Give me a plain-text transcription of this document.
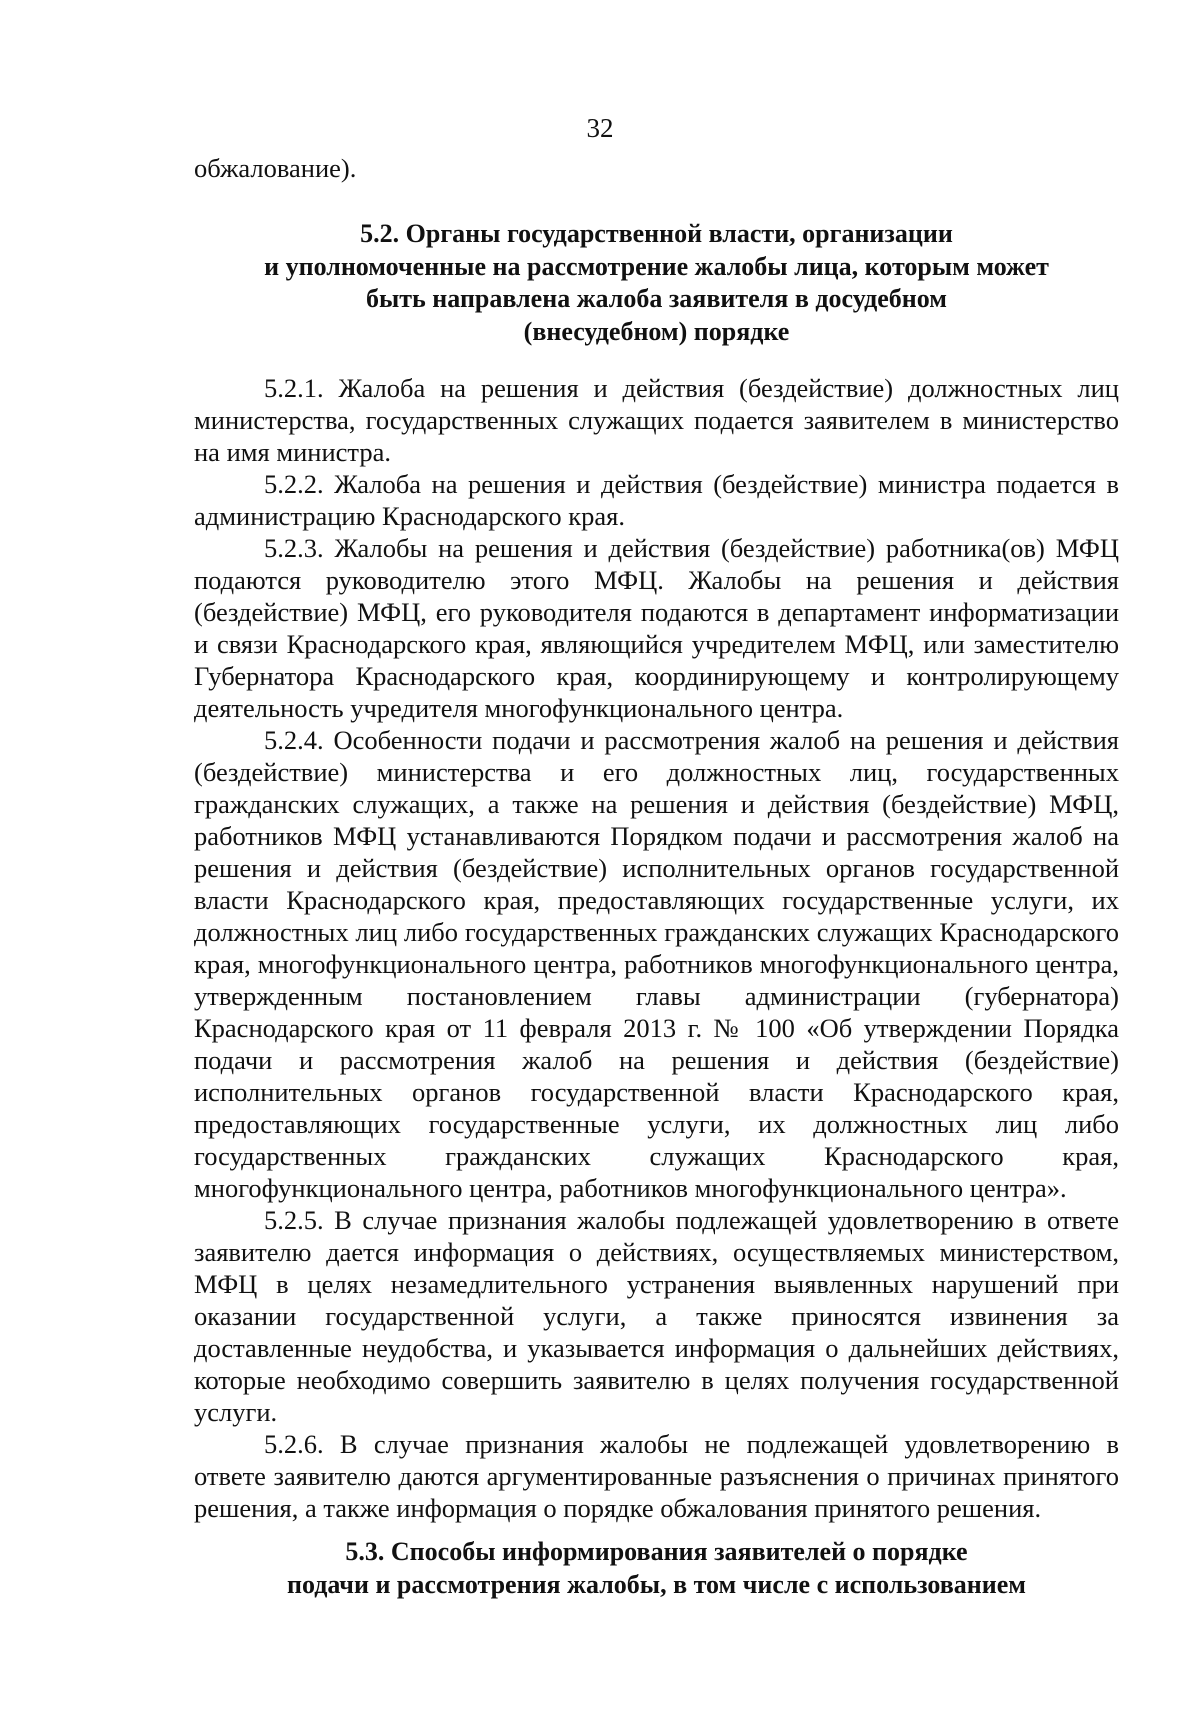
32
обжалование).
5.2. Органы государственной власти, организации
и уполномоченные на рассмотрение жалобы лица, которым может
быть направлена жалоба заявителя в досудебном
(внесудебном) порядке

5.2.1. Жалоба на решения и действия (бездействие) должностных лиц министерства, государственных служащих подается заявителем в министерство на имя министра.

5.2.2. Жалоба на решения и действия (бездействие) министра подается в администрацию Краснодарского края.

5.2.3. Жалобы на решения и действия (бездействие) работника(ов) МФЦ подаются руководителю этого МФЦ. Жалобы на решения и действия (бездействие) МФЦ, его руководителя подаются в департамент информатизации и связи Краснодарского края, являющийся учредителем МФЦ, или заместителю Губернатора Краснодарского края, координирующему и контролирующему деятельность учредителя многофункционального центра.

5.2.4. Особенности подачи и рассмотрения жалоб на решения и действия (бездействие) министерства и его должностных лиц, государственных гражданских служащих, а также на решения и действия (бездействие) МФЦ, работников МФЦ устанавливаются Порядком подачи и рассмотрения жалоб на решения и действия (бездействие) исполнительных органов государственной власти Краснодарского края, предоставляющих государственные услуги, их должностных лиц либо государственных гражданских служащих Краснодарского края, многофункционального центра, работников многофункционального центра, утвержденным постановлением главы администрации (губернатора) Краснодарского края от 11 февраля 2013 г. № 100 «Об утверждении Порядка подачи и рассмотрения жалоб на решения и действия (бездействие) исполнительных органов государственной власти Краснодарского края, предоставляющих государственные услуги, их должностных лиц либо государственных гражданских служащих Краснодарского края, многофункционального центра, работников многофункционального центра».

5.2.5. В случае признания жалобы подлежащей удовлетворению в ответе заявителю дается информация о действиях, осуществляемых министерством, МФЦ в целях незамедлительного устранения выявленных нарушений при оказании государственной услуги, а также приносятся извинения за доставленные неудобства, и указывается информация о дальнейших действиях, которые необходимо совершить заявителю в целях получения государственной услуги.

5.2.6. В случае признания жалобы не подлежащей удовлетворению в ответе заявителю даются аргументированные разъяснения о причинах принятого решения, а также информация о порядке обжалования принятого решения.

5.3. Способы информирования заявителей о порядке
подачи и рассмотрения жалобы, в том числе с использованием
